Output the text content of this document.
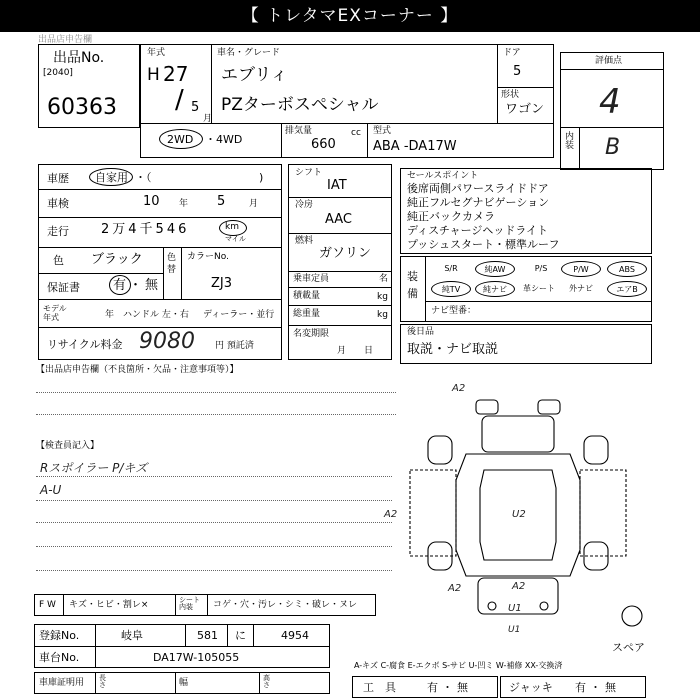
【 トレタマEXコーナー 】
出品店申告欄
出品No.
[2040]
60363
年式
H 27
/ 5
月
車名・グレード
エブリィ
PZターボスペシャル
ドア
5
形状
ワゴン
2WD ・4WD
排気量
660
cc 型式
ABA -DA17W
評価点
4
内装 B
車歴 自家用 ・（	)
車検	10 年 5	月
走行 2万4千546	km
マイル
色 ブラック	色替
カラーNo.
ZJ3
保証書	有・無
モデル年式	年 ハンドル 左・右 ディーラー・並行
リサイクル料金 9080 円 預託済
シフト
IAT
冷房
AAC
燃料
ガソリン
乗車定員	名
積載量	kg
総重量	kg
名変期限
月　　日
セールスポイント
後席両側パワースライドドア
純正フルセグナビゲーション
純正バックカメラ
ディスチャージヘッドライト
プッシュスタート・標準ルーフ
装備
S/R	純AW	P/S	P/W	ABS
純TV	純ナビ	革シート	外ナビ	エアB
ナビ型番：
後日品
取説・ナビ取説
【出品店申告欄（不良箇所・欠品・注意事項等）】
【検査員記入】
Rスポイラー P/キズ
A-U
A2
A2	U2
A2	A2
U1
U1
スペア
F W キズ・ヒビ・割レ×	シート内装	コゲ・穴・汚レ・シミ・破レ・ヌレ
登録No.	岐阜	581 に	4954
車台No.	DA17W-105055
車庫証明用 長さ	幅	高さ
A-キズ C-腐食 E-エクボ S-サビ U-凹ミ W-補修 XX-交換済
工　具	有・無	ジャッキ 有・無
